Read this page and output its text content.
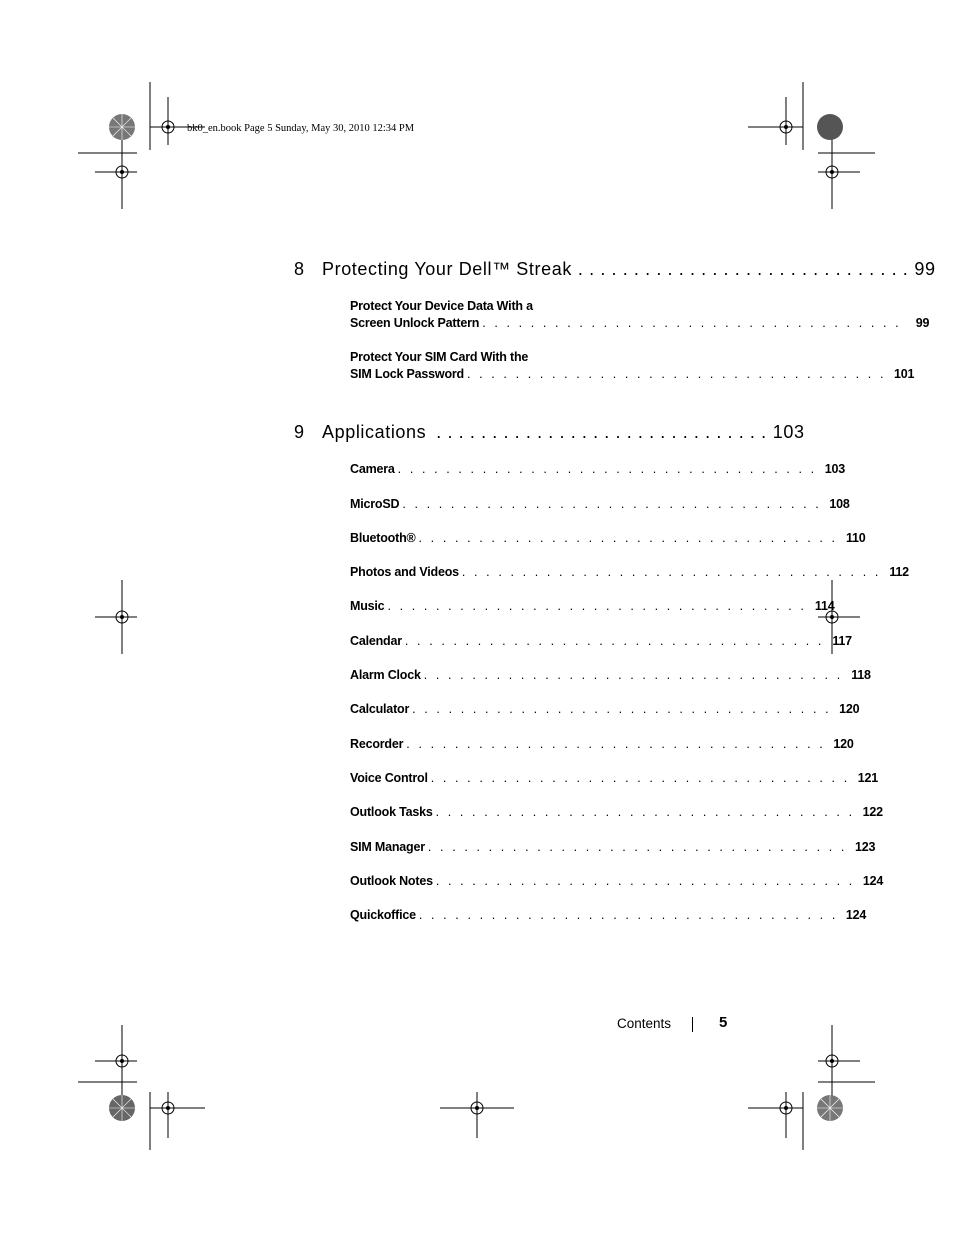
bk0_en.book Page 5 Sunday, May 30, 2010 12:34 PM
8 Protecting Your Dell™ Streak . . . . . . . . . . . . . . . . . . . . . . . . . . . . . . 99
Protect Your Device Data With a
Screen Unlock Pattern . . . . . . . . . . . . . . . . . . . . . . . . . . . . . . . . . . .	99
Protect Your SIM Card With the
SIM Lock Password . . . . . . . . . . . . . . . . . . . . . . . . . . . . . . . . . . . 101
9 Applications . . . . . . . . . . . . . . . . . . . . . . . . . . . . . . 103
Camera . . . . . . . . . . . . . . . . . . . . . . . . . . . . . . . . . . . 103
MicroSD . . . . . . . . . . . . . . . . . . . . . . . . . . . . . . . . . . . 108
Bluetooth® . . . . . . . . . . . . . . . . . . . . . . . . . . . . . . . . . . . 110
Photos and Videos . . . . . . . . . . . . . . . . . . . . . . . . . . . . . . . . . . . 112
Music . . . . . . . . . . . . . . . . . . . . . . . . . . . . . . . . . . . 114
Calendar . . . . . . . . . . . . . . . . . . . . . . . . . . . . . . . . . . . 117
Alarm Clock . . . . . . . . . . . . . . . . . . . . . . . . . . . . . . . . . . . 118
Calculator . . . . . . . . . . . . . . . . . . . . . . . . . . . . . . . . . . . 120
Recorder . . . . . . . . . . . . . . . . . . . . . . . . . . . . . . . . . . . 120
Voice Control . . . . . . . . . . . . . . . . . . . . . . . . . . . . . . . . . . . 121
Outlook Tasks . . . . . . . . . . . . . . . . . . . . . . . . . . . . . . . . . . . 122
SIM Manager . . . . . . . . . . . . . . . . . . . . . . . . . . . . . . . . . . . 123
Outlook Notes . . . . . . . . . . . . . . . . . . . . . . . . . . . . . . . . . . . 124
Quickoffice . . . . . . . . . . . . . . . . . . . . . . . . . . . . . . . . . . . 124
Contents	5
